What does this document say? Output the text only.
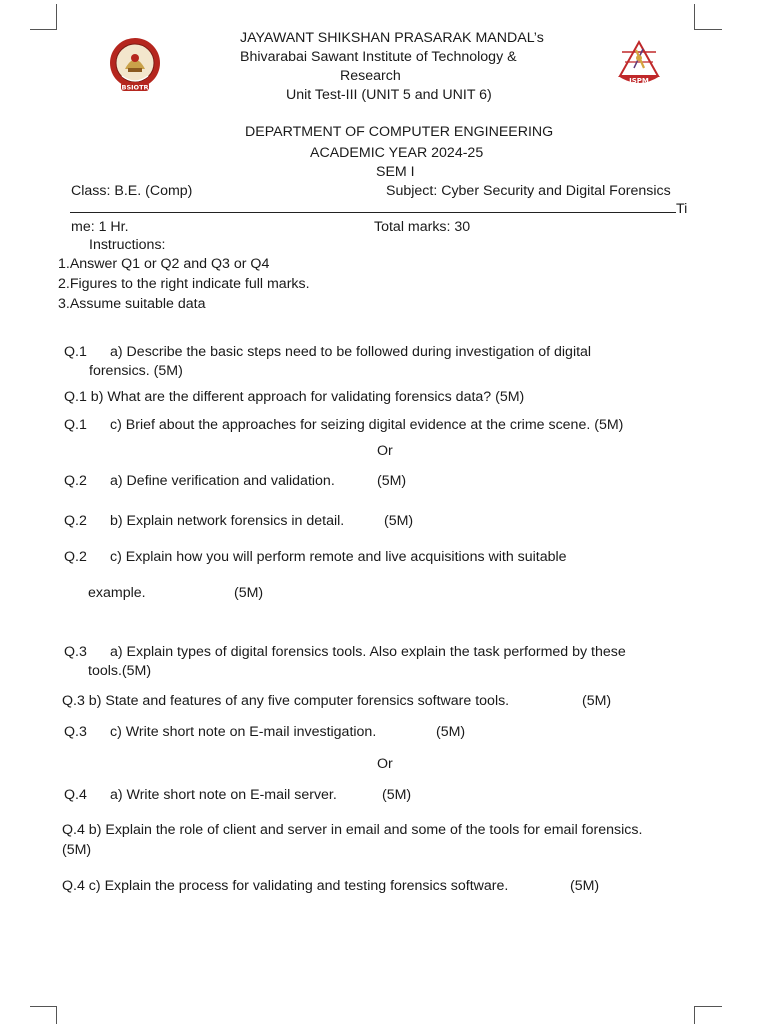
BSIOTR
JSPM
JAYAWANT SHIKSHAN PRASARAK MANDAL’s
Bhivarabai Sawant Institute of Technology &
Research
Unit Test-III (UNIT 5 and UNIT 6)
DEPARTMENT OF COMPUTER ENGINEERING
ACADEMIC YEAR 2024-25
SEM I
Class: B.E. (Comp)	Subject: Cyber Security and Digital Forensics
Ti
me: 1 Hr.	Total marks: 30
Instructions:
1.Answer Q1 or Q2 and Q3 or Q4
2.Figures to the right indicate full marks.
3.Assume suitable data
Q.1 a) Describe the basic steps need to be followed during investigation of digital
forensics. (5M)
Q.1 b) What are the different approach for validating forensics data? (5M)
Q.1 c) Brief about the approaches for seizing digital evidence at the crime scene. (5M)
Or
Q.2 a) Define verification and validation.	(5M)
Q.2 b) Explain network forensics in detail.	(5M)
Q.2 c) Explain how you will perform remote and live acquisitions with suitable
example.	(5M)
Q.3 a) Explain types of digital forensics tools. Also explain the task performed by these
tools.(5M)
Q.3 b) State and features of any five computer forensics software tools.	(5M)
Q.3 c) Write short note on E-mail investigation.	(5M)
Or
Q.4 a) Write short note on E-mail server.	(5M)
Q.4 b) Explain the role of client and server in email and some of the tools for email forensics.
(5M)
Q.4 c) Explain the process for validating and testing forensics software.	(5M)
